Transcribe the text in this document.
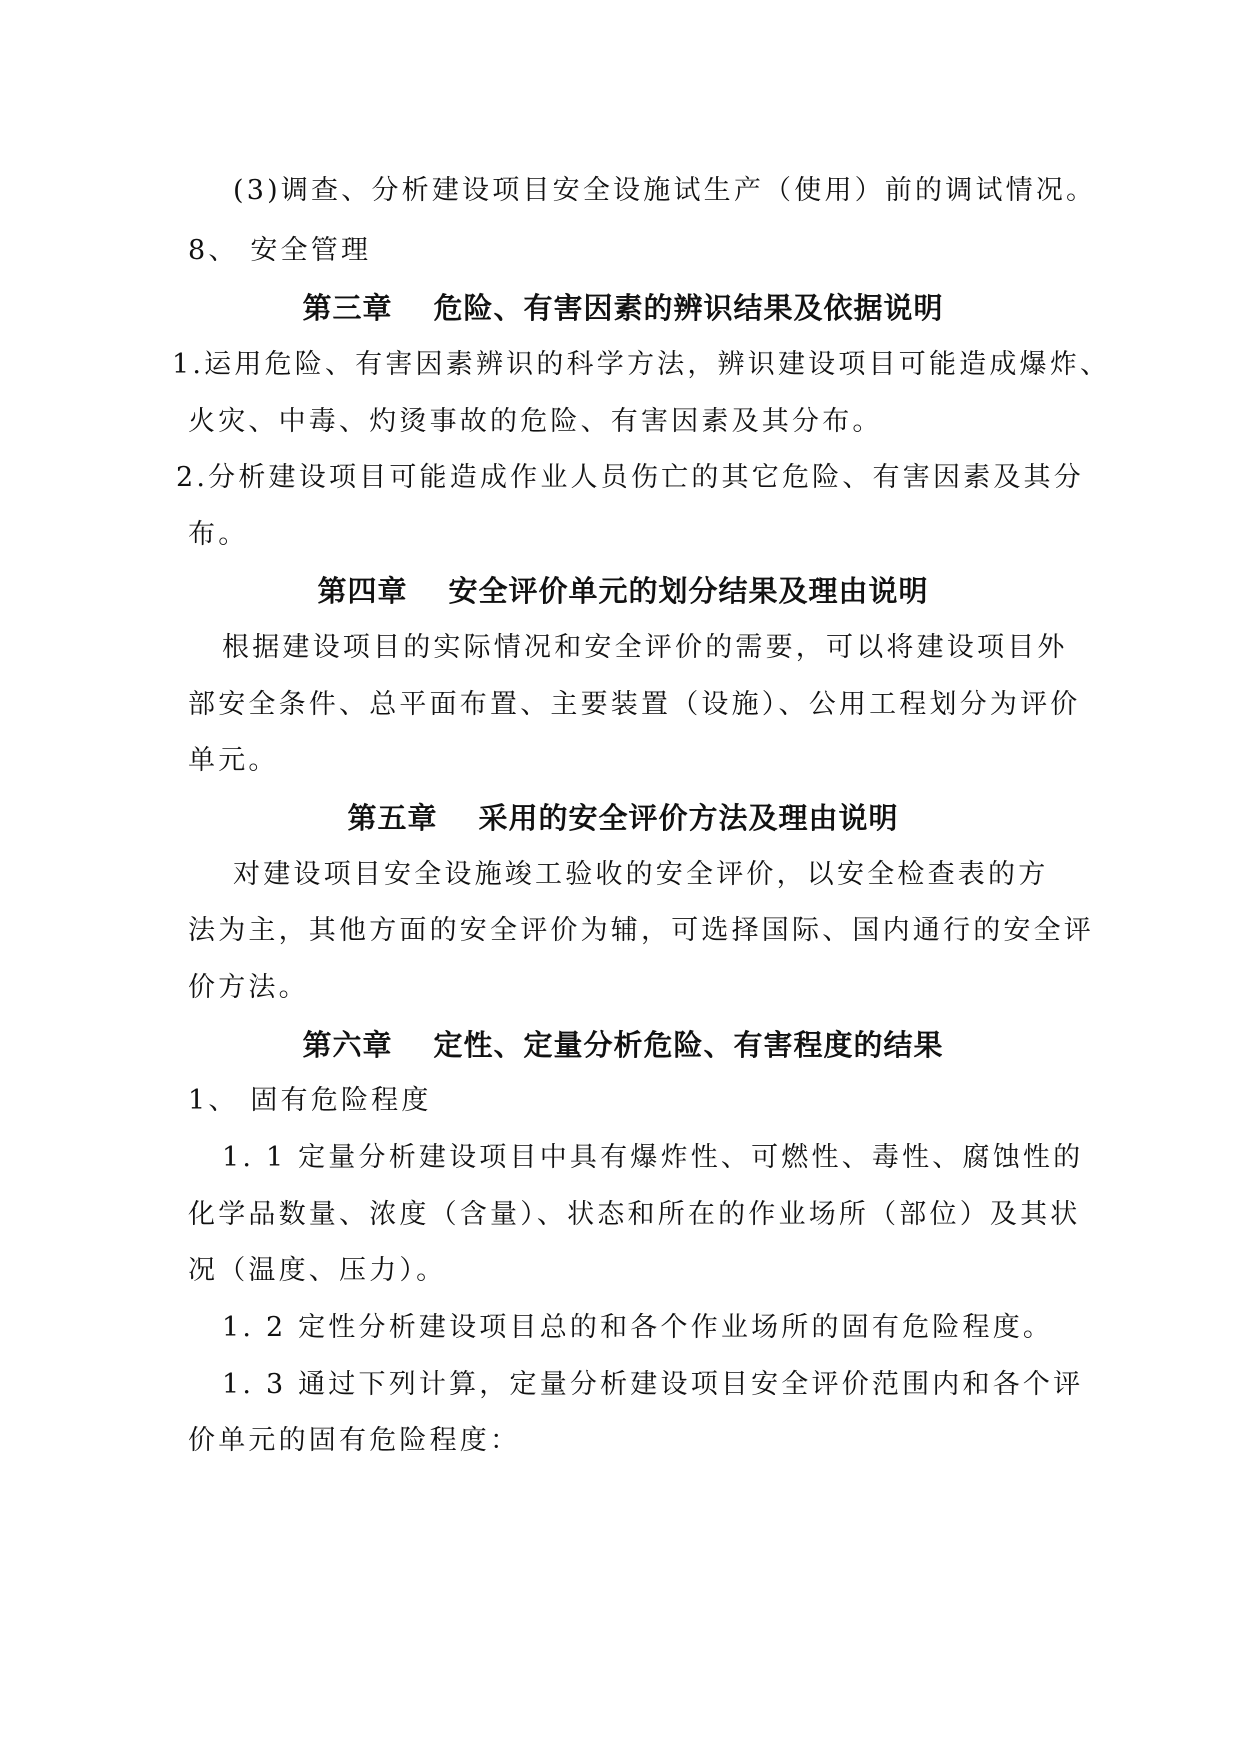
(3)调查、分析建设项目安全设施试生产（使用）前的调试情况。
8、 安全管理
第三章　 危险、有害因素的辨识结果及依据说明
1.运用危险、有害因素辨识的科学方法，辨识建设项目可能造成爆炸、
火灾、中毒、灼烫事故的危险、有害因素及其分布。
2.分析建设项目可能造成作业人员伤亡的其它危险、有害因素及其分
布。
第四章　 安全评价单元的划分结果及理由说明
根据建设项目的实际情况和安全评价的需要，可以将建设项目外
部安全条件、总平面布置、主要装置（设施）、公用工程划分为评价
单元。
第五章　 采用的安全评价方法及理由说明
对建设项目安全设施竣工验收的安全评价，以安全检查表的方
法为主，其他方面的安全评价为辅，可选择国际、国内通行的安全评
价方法。
第六章　 定性、定量分析危险、有害程度的结果
1、 固有危险程度
1. 1 定量分析建设项目中具有爆炸性、可燃性、毒性、腐蚀性的
化学品数量、浓度（含量）、状态和所在的作业场所（部位）及其状
况（温度、压力）。
1. 2 定性分析建设项目总的和各个作业场所的固有危险程度。
1. 3 通过下列计算，定量分析建设项目安全评价范围内和各个评
价单元的固有危险程度：
